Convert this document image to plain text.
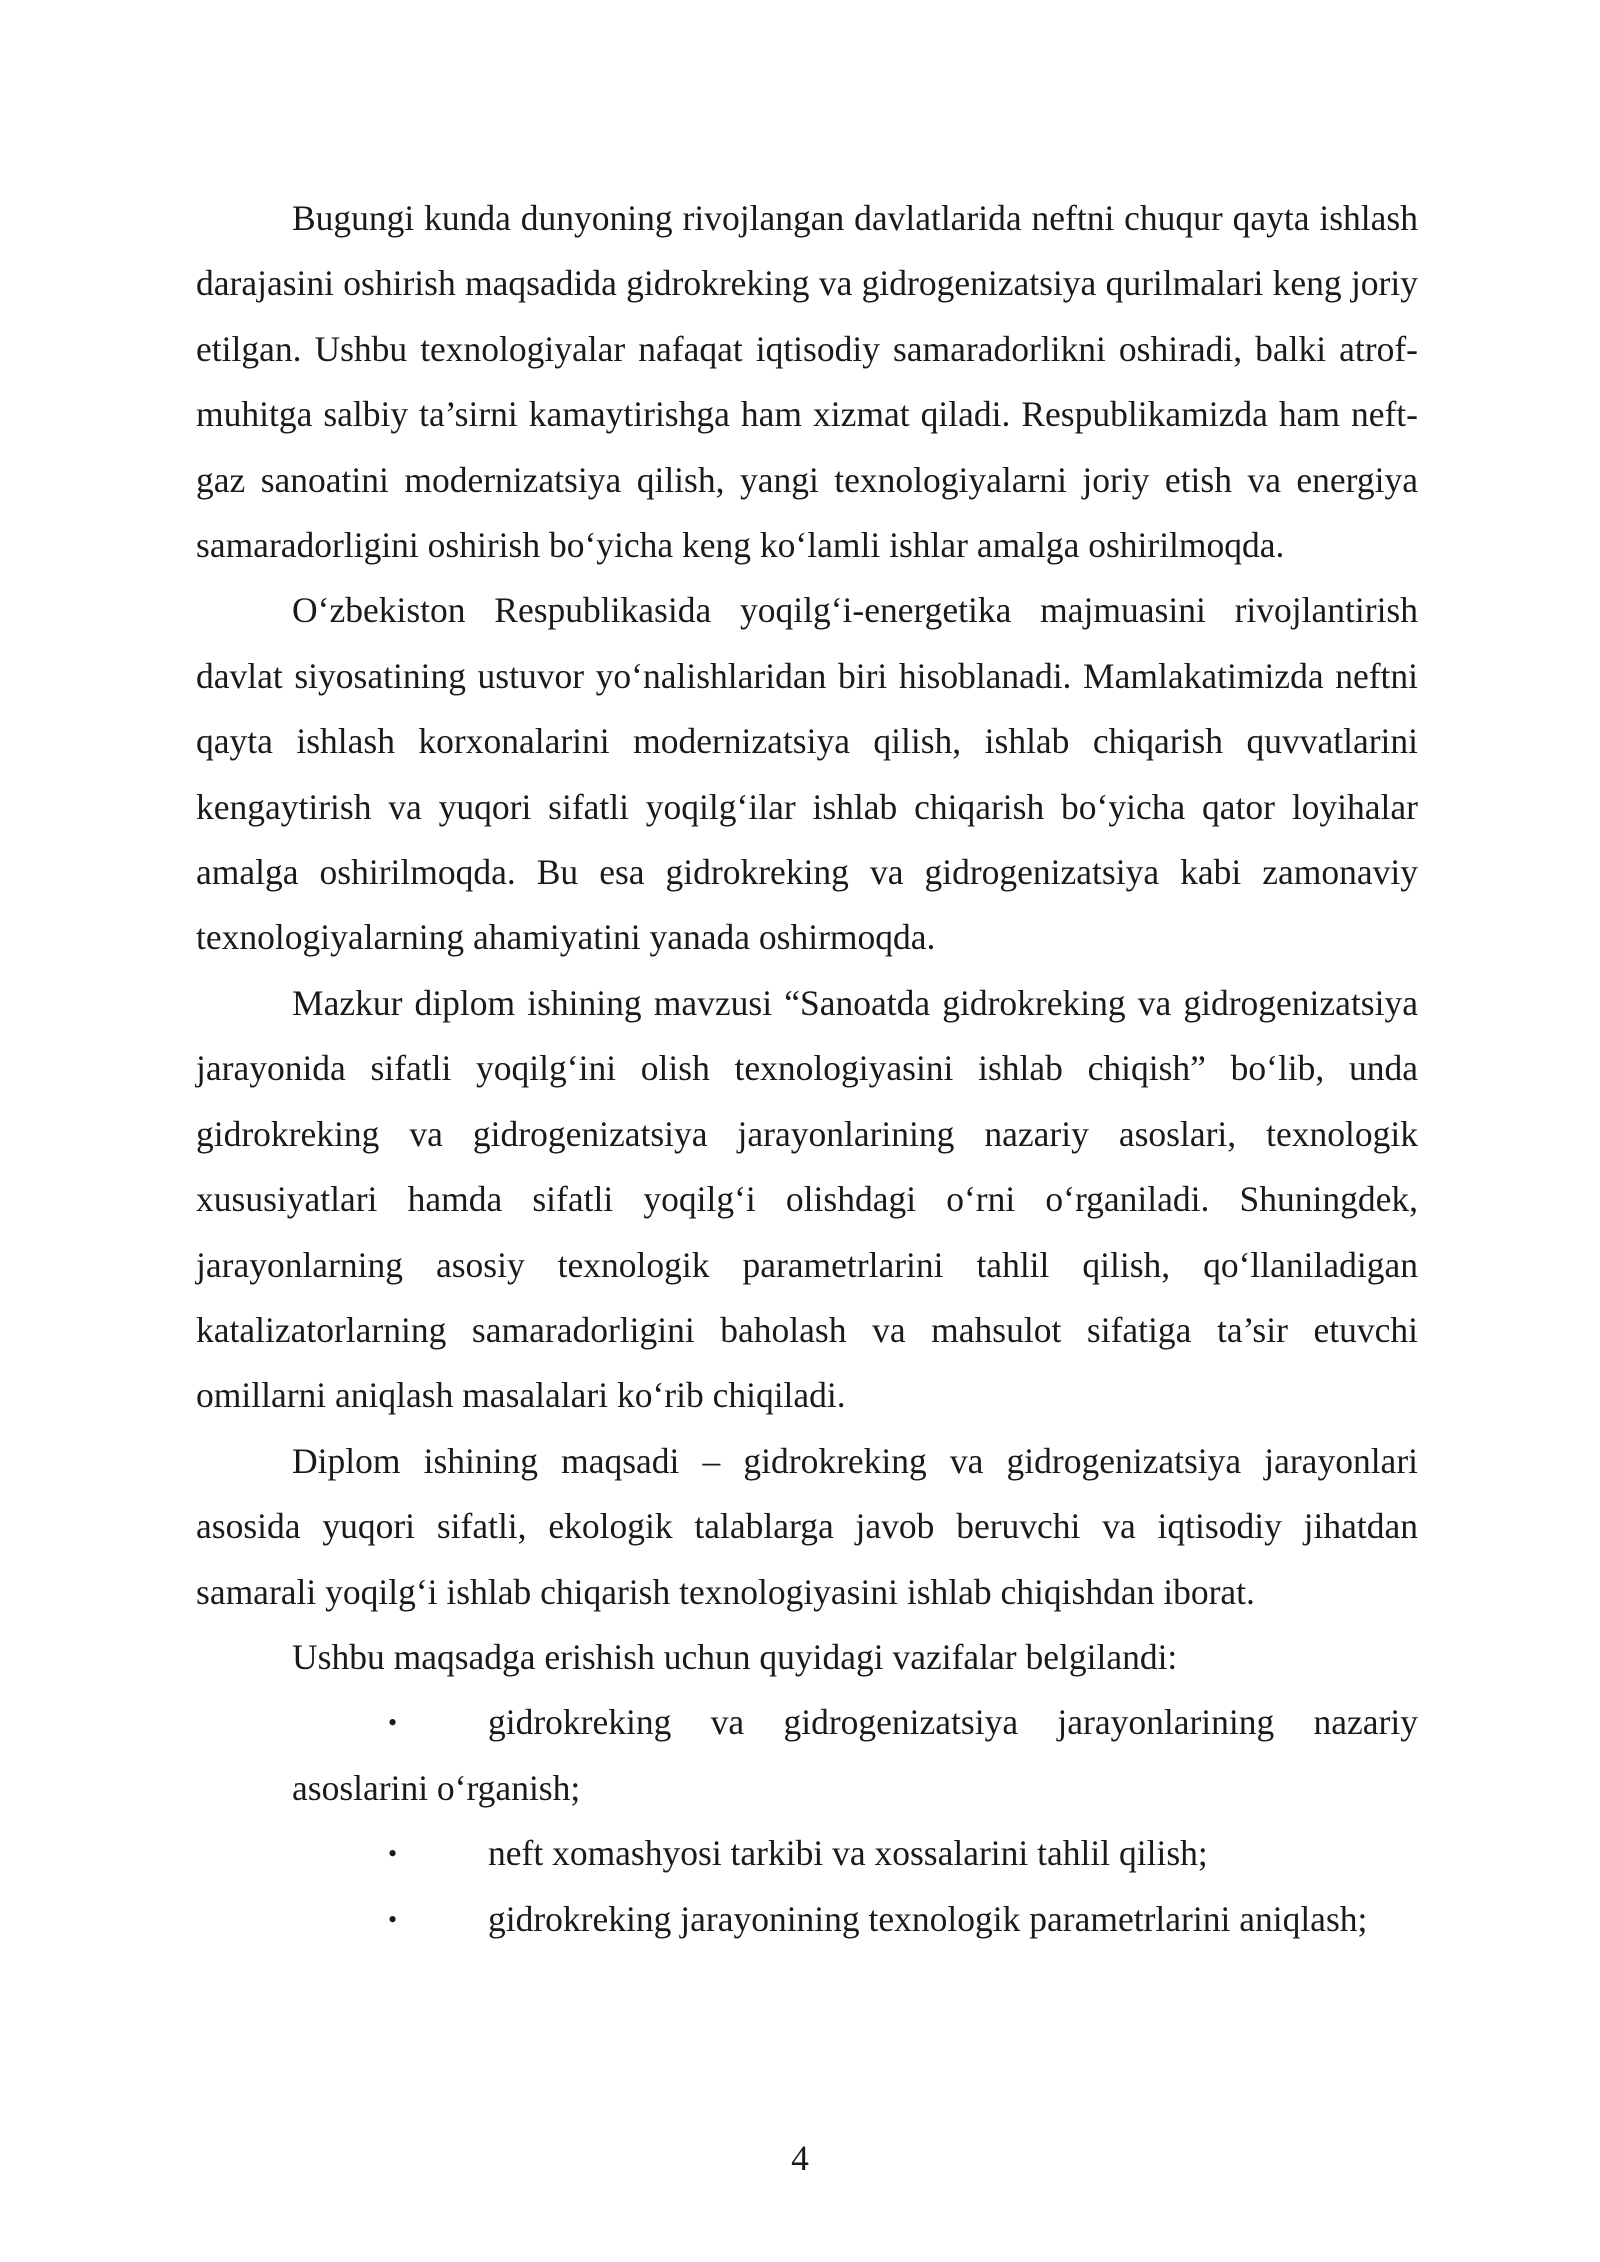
Bugungi kunda dunyoning rivojlangan davlatlarida neftni chuqur qayta ishlash darajasini oshirish maqsadida gidrokreking va gidrogenizatsiya qurilmalari keng joriy etilgan. Ushbu texnologiyalar nafaqat iqtisodiy samaradorlikni oshiradi, balki atrof-muhitga salbiy ta’sirni kamaytirishga ham xizmat qiladi. Respublikamizda ham neft-gaz sanoatini modernizatsiya qilish, yangi texnologiyalarni joriy etish va energiya samaradorligini oshirish bo‘yicha keng ko‘lamli ishlar amalga oshirilmoqda.

O‘zbekiston Respublikasida yoqilg‘i-energetika majmuasini rivojlantirish davlat siyosatining ustuvor yo‘nalishlaridan biri hisoblanadi. Mamlakatimizda neftni qayta ishlash korxonalarini modernizatsiya qilish, ishlab chiqarish quvvatlarini kengaytirish va yuqori sifatli yoqilg‘ilar ishlab chiqarish bo‘yicha qator loyihalar amalga oshirilmoqda. Bu esa gidrokreking va gidrogenizatsiya kabi zamonaviy texnologiyalarning ahamiyatini yanada oshirmoqda.

Mazkur diplom ishining mavzusi “Sanoatda gidrokreking va gidrogenizatsiya jarayonida sifatli yoqilg‘ini olish texnologiyasini ishlab chiqish” bo‘lib, unda gidrokreking va gidrogenizatsiya jarayonlarining nazariy asoslari, texnologik xususiyatlari hamda sifatli yoqilg‘i olishdagi o‘rni o‘rganiladi. Shuningdek, jarayonlarning asosiy texnologik parametrlarini tahlil qilish, qo‘llaniladigan katalizatorlarning samaradorligini baholash va mahsulot sifatiga ta’sir etuvchi omillarni aniqlash masalalari ko‘rib chiqiladi.

Diplom ishining maqsadi – gidrokreking va gidrogenizatsiya jarayonlari asosida yuqori sifatli, ekologik talablarga javob beruvchi va iqtisodiy jihatdan samarali yoqilg‘i ishlab chiqarish texnologiyasini ishlab chiqishdan iborat.

Ushbu maqsadga erishish uchun quyidagi vazifalar belgilandi:

•	gidrokreking va gidrogenizatsiya jarayonlarining nazariy asoslarini o‘rganish;
•	neft xomashyosi tarkibi va xossalarini tahlil qilish;
•	gidrokreking jarayonining texnologik parametrlarini aniqlash;
4
